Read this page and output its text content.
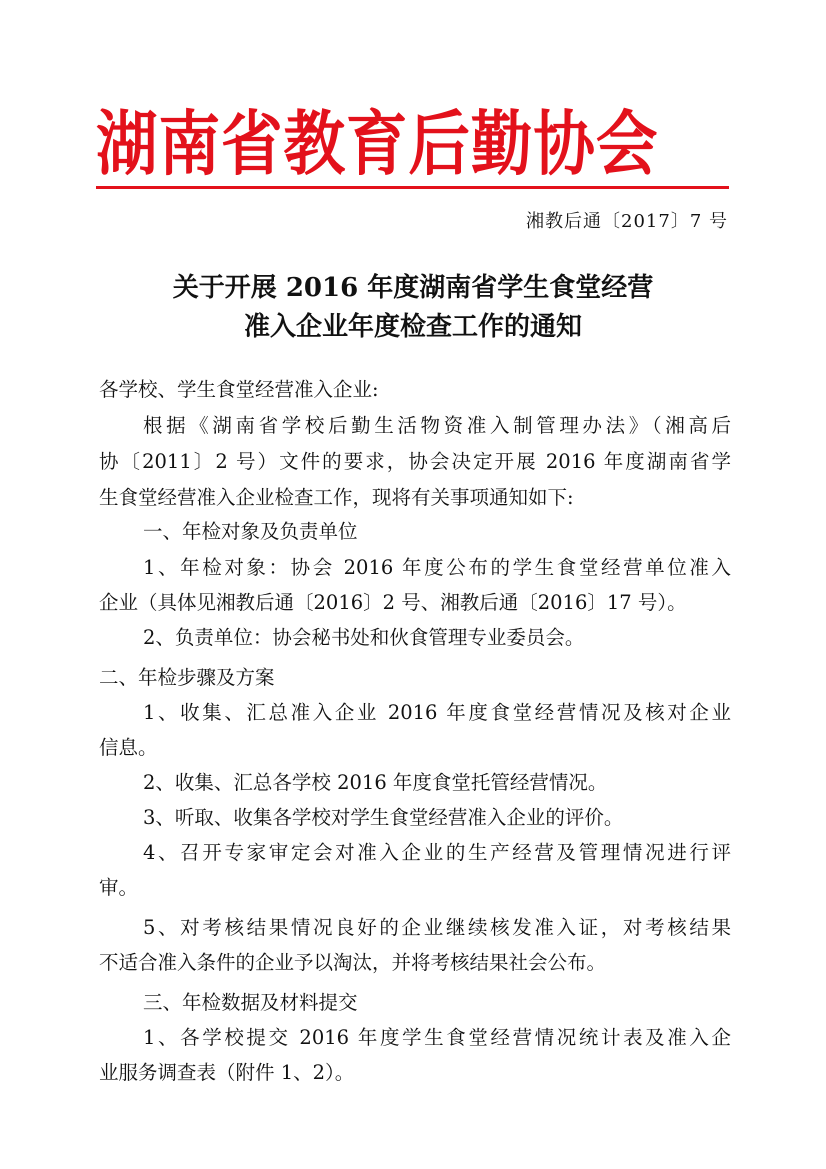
湖南省教育后勤协会
湘教后通〔2017〕7 号
关于开展 2016 年度湖南省学生食堂经营
准入企业年度检查工作的通知
各学校、学生食堂经营准入企业:
根据《湖南省学校后勤生活物资准入制管理办法》（湘高后
协〔2011〕2 号）文件的要求，协会决定开展 2016 年度湖南省学
生食堂经营准入企业检查工作，现将有关事项通知如下:
一、年检对象及负责单位
1、年检对象：协会 2016 年度公布的学生食堂经营单位准入
企业（具体见湘教后通〔2016〕2 号、湘教后通〔2016〕17 号）。
2、负责单位：协会秘书处和伙食管理专业委员会。
二、年检步骤及方案
1、收集、汇总准入企业 2016 年度食堂经营情况及核对企业
信息。
2、收集、汇总各学校 2016 年度食堂托管经营情况。
3、听取、收集各学校对学生食堂经营准入企业的评价。
4、召开专家审定会对准入企业的生产经营及管理情况进行评
审。
5、对考核结果情况良好的企业继续核发准入证，对考核结果
不适合准入条件的企业予以淘汰，并将考核结果社会公布。
三、年检数据及材料提交
1、各学校提交 2016 年度学生食堂经营情况统计表及准入企
业服务调查表（附件 1、2）。
